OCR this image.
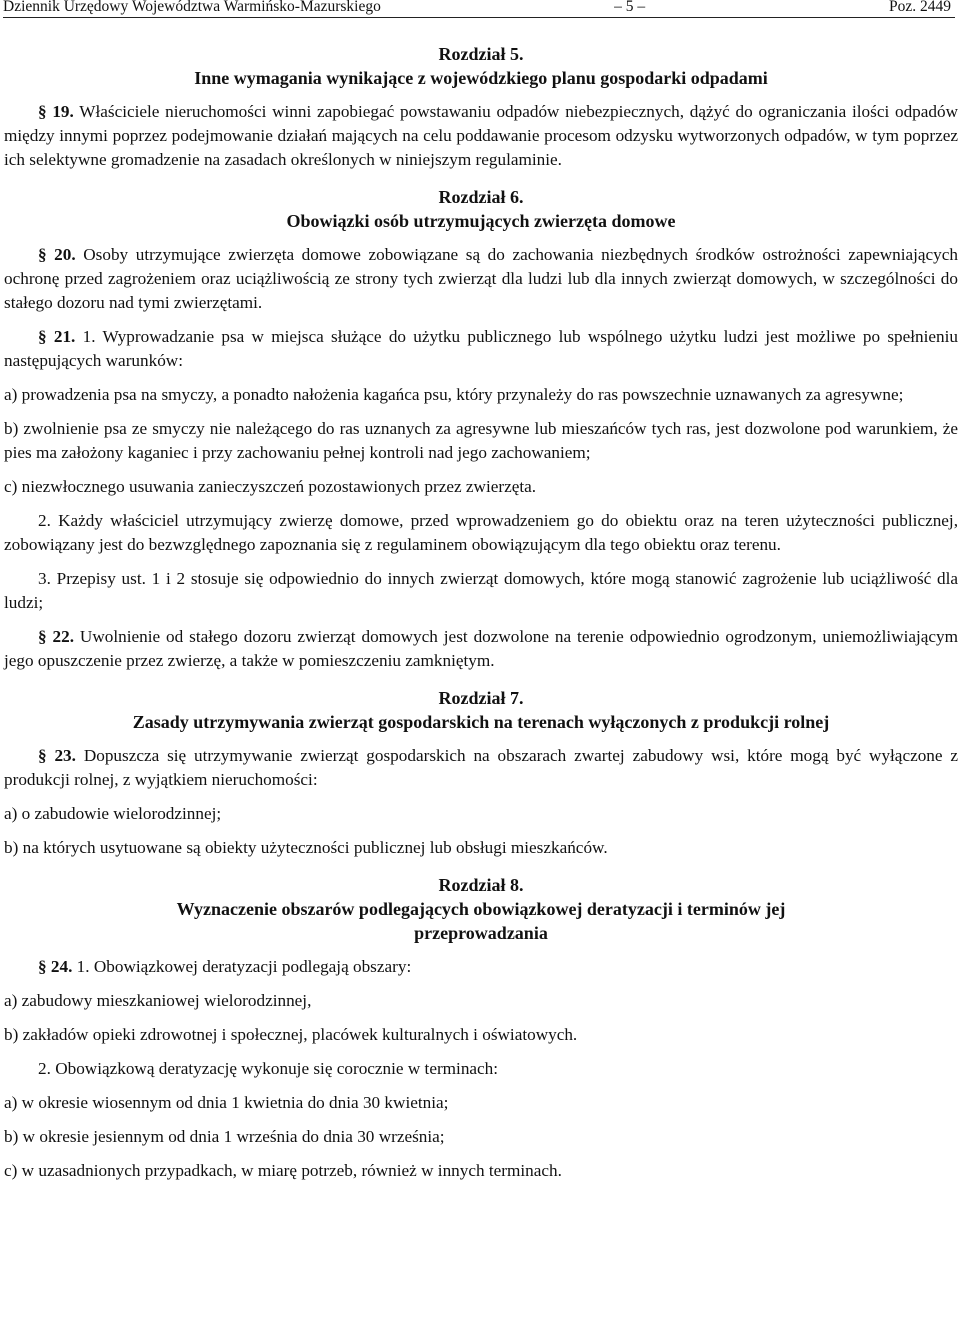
Dziennik Urzędowy Województwa Warmińsko-Mazurskiego	– 5 –	Poz. 2449
Rozdział 5.
Inne wymagania wynikające z wojewódzkiego planu gospodarki odpadami

§ 19. Właściciele nieruchomości winni zapobiegać powstawaniu odpadów niebezpiecznych, dążyć do ograniczania ilości odpadów między innymi poprzez podejmowanie działań mających na celu poddawanie procesom odzysku wytworzonych odpadów, w tym poprzez ich selektywne gromadzenie na zasadach określonych w niniejszym regulaminie.

Rozdział 6.
Obowiązki osób utrzymujących zwierzęta domowe

§ 20. Osoby utrzymujące zwierzęta domowe zobowiązane są do zachowania niezbędnych środków ostrożności zapewniających ochronę przed zagrożeniem oraz uciążliwością ze strony tych zwierząt dla ludzi lub dla innych zwierząt domowych, w szczególności do stałego dozoru nad tymi zwierzętami.

§ 21. 1. Wyprowadzanie psa w miejsca służące do użytku publicznego lub wspólnego użytku ludzi jest możliwe po spełnieniu następujących warunków:

a) prowadzenia psa na smyczy, a ponadto nałożenia kagańca psu, który przynależy do ras powszechnie uznawanych za agresywne;

b) zwolnienie psa ze smyczy nie należącego do ras uznanych za agresywne lub mieszańców tych ras, jest dozwolone pod warunkiem, że pies ma założony kaganiec i przy zachowaniu pełnej kontroli nad jego zachowaniem;

c) niezwłocznego usuwania zanieczyszczeń pozostawionych przez zwierzęta.

2. Każdy właściciel utrzymujący zwierzę domowe, przed wprowadzeniem go do obiektu oraz na teren użyteczności publicznej, zobowiązany jest do bezwzględnego zapoznania się z regulaminem obowiązującym dla tego obiektu oraz terenu.

3. Przepisy ust. 1 i 2 stosuje się odpowiednio do innych zwierząt domowych, które mogą stanowić zagrożenie lub uciążliwość dla ludzi;

§ 22. Uwolnienie od stałego dozoru zwierząt domowych jest dozwolone na terenie odpowiednio ogrodzonym, uniemożliwiającym jego opuszczenie przez zwierzę, a także w pomieszczeniu zamkniętym.

Rozdział 7.
Zasady utrzymywania zwierząt gospodarskich na terenach wyłączonych z produkcji rolnej

§ 23. Dopuszcza się utrzymywanie zwierząt gospodarskich na obszarach zwartej zabudowy wsi, które mogą być wyłączone z produkcji rolnej, z wyjątkiem nieruchomości:

a) o zabudowie wielorodzinnej;

b) na których usytuowane są obiekty użyteczności publicznej lub obsługi mieszkańców.

Rozdział 8.
Wyznaczenie obszarów podlegających obowiązkowej deratyzacji i terminów jej przeprowadzania

§ 24. 1. Obowiązkowej deratyzacji podlegają obszary:

a) zabudowy mieszkaniowej wielorodzinnej,

b) zakładów opieki zdrowotnej i społecznej, placówek kulturalnych i oświatowych.

2. Obowiązkową deratyzację wykonuje się corocznie w terminach:

a) w okresie wiosennym od dnia 1 kwietnia do dnia 30 kwietnia;

b) w okresie jesiennym od dnia 1 września do dnia 30 września;

c) w uzasadnionych przypadkach, w miarę potrzeb, również w innych terminach.
